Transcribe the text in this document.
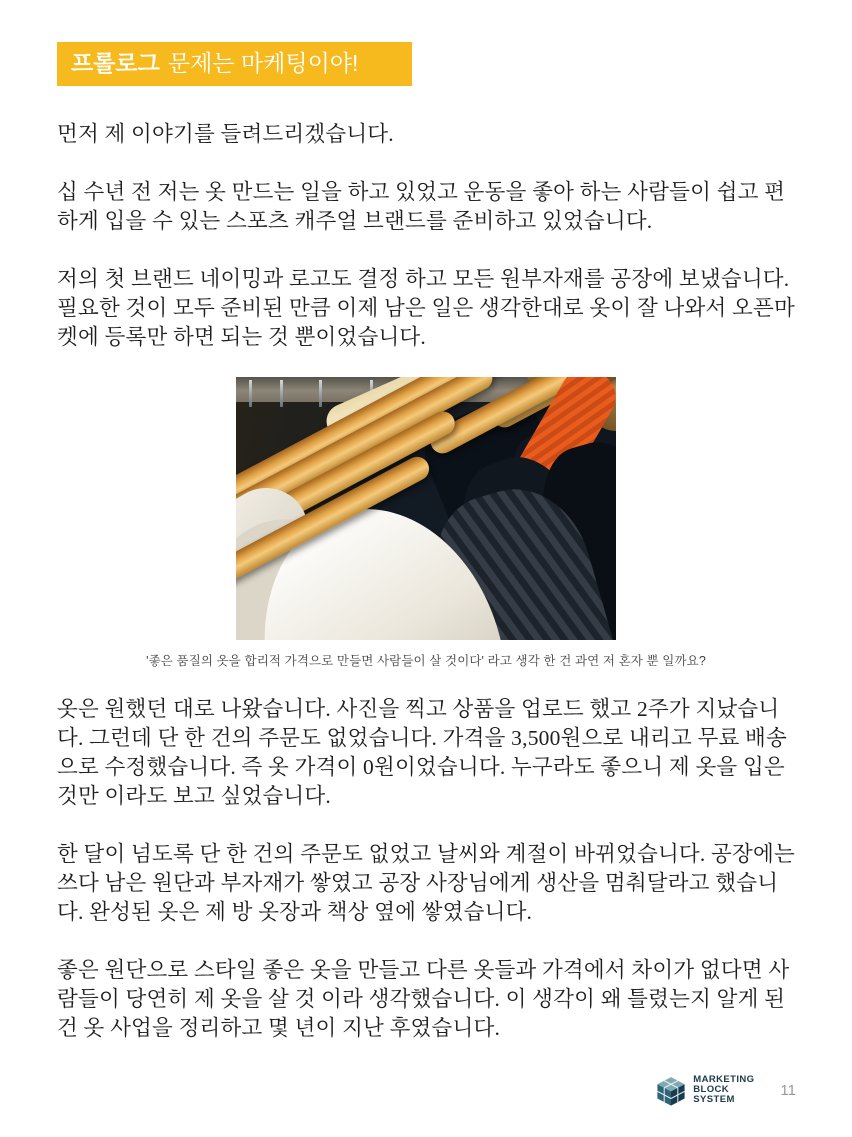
프롤로그 문제는 마케팅이야!

먼저 제 이야기를 들려드리겠습니다.

십 수년 전 저는 옷 만드는 일을 하고 있었고 운동을 좋아 하는 사람들이 쉽고 편하게 입을 수 있는 스포츠 캐주얼 브랜드를 준비하고 있었습니다.

저의 첫 브랜드 네이밍과 로고도 결정 하고 모든 원부자재를 공장에 보냈습니다. 필요한 것이 모두 준비된 만큼 이제 남은 일은 생각한대로 옷이 잘 나와서 오픈마켓에 등록만 하면 되는 것 뿐이었습니다.

'좋은 품질의 옷을 합리적 가격으로 만들면 사람들이 살 것이다' 라고 생각 한 건 과연 저 혼자 뿐 일까요?

옷은 원했던 대로 나왔습니다. 사진을 찍고 상품을 업로드 했고 2주가 지났습니다. 그런데 단 한 건의 주문도 없었습니다. 가격을 3,500원으로 내리고 무료 배송으로 수정했습니다. 즉 옷 가격이 0원이었습니다. 누구라도 좋으니 제 옷을 입은 것만 이라도 보고 싶었습니다.

한 달이 넘도록 단 한 건의 주문도 없었고 날씨와 계절이 바뀌었습니다. 공장에는 쓰다 남은 원단과 부자재가 쌓였고 공장 사장님에게 생산을 멈춰달라고 했습니다. 완성된 옷은 제 방 옷장과 책상 옆에 쌓였습니다.

좋은 원단으로 스타일 좋은 옷을 만들고 다른 옷들과 가격에서 차이가 없다면 사람들이 당연히 제 옷을 살 것 이라 생각했습니다. 이 생각이 왜 틀렸는지 알게 된 건 옷 사업을 정리하고 몇 년이 지난 후였습니다.

MARKETING
BLOCK
SYSTEM
11
